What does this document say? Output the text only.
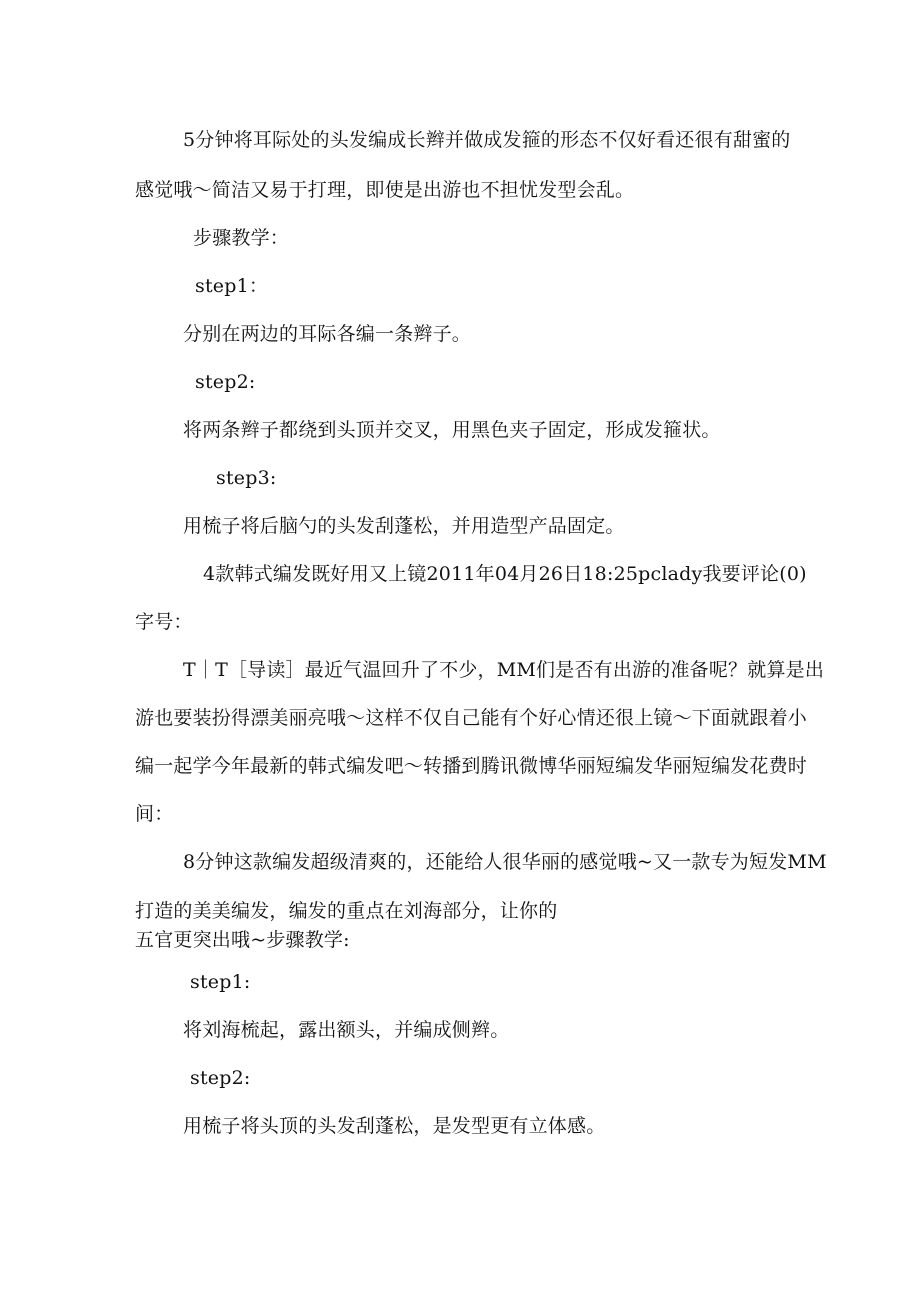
5分钟将耳际处的头发编成长辫并做成发箍的形态不仅好看还很有甜蜜的
感觉哦～简洁又易于打理，即使是出游也不担忧发型会乱。
步骤教学：
step1：
分别在两边的耳际各编一条辫子。
step2:
将两条辫子都绕到头顶并交叉，用黑色夹子固定，形成发箍状。
step3:
用梳子将后脑勺的头发刮蓬松，并用造型产品固定。
4款韩式编发既好用又上镜2011年04月26日18:25pclady我要评论(0)
字号：
T｜T［导读］最近气温回升了不少，MM们是否有出游的准备呢？就算是出
游也要装扮得漂美丽亮哦～这样不仅自己能有个好心情还很上镜～下面就跟着小
编一起学今年最新的韩式编发吧～转播到腾讯微博华丽短编发华丽短编发花费时
间：
8分钟这款编发超级清爽的，还能给人很华丽的感觉哦~又一款专为短发MM
打造的美美编发，编发的重点在刘海部分，让你的
五官更突出哦~步骤教学:
step1:
将刘海梳起，露出额头，并编成侧辫。
step2:
用梳子将头顶的头发刮蓬松，是发型更有立体感。
